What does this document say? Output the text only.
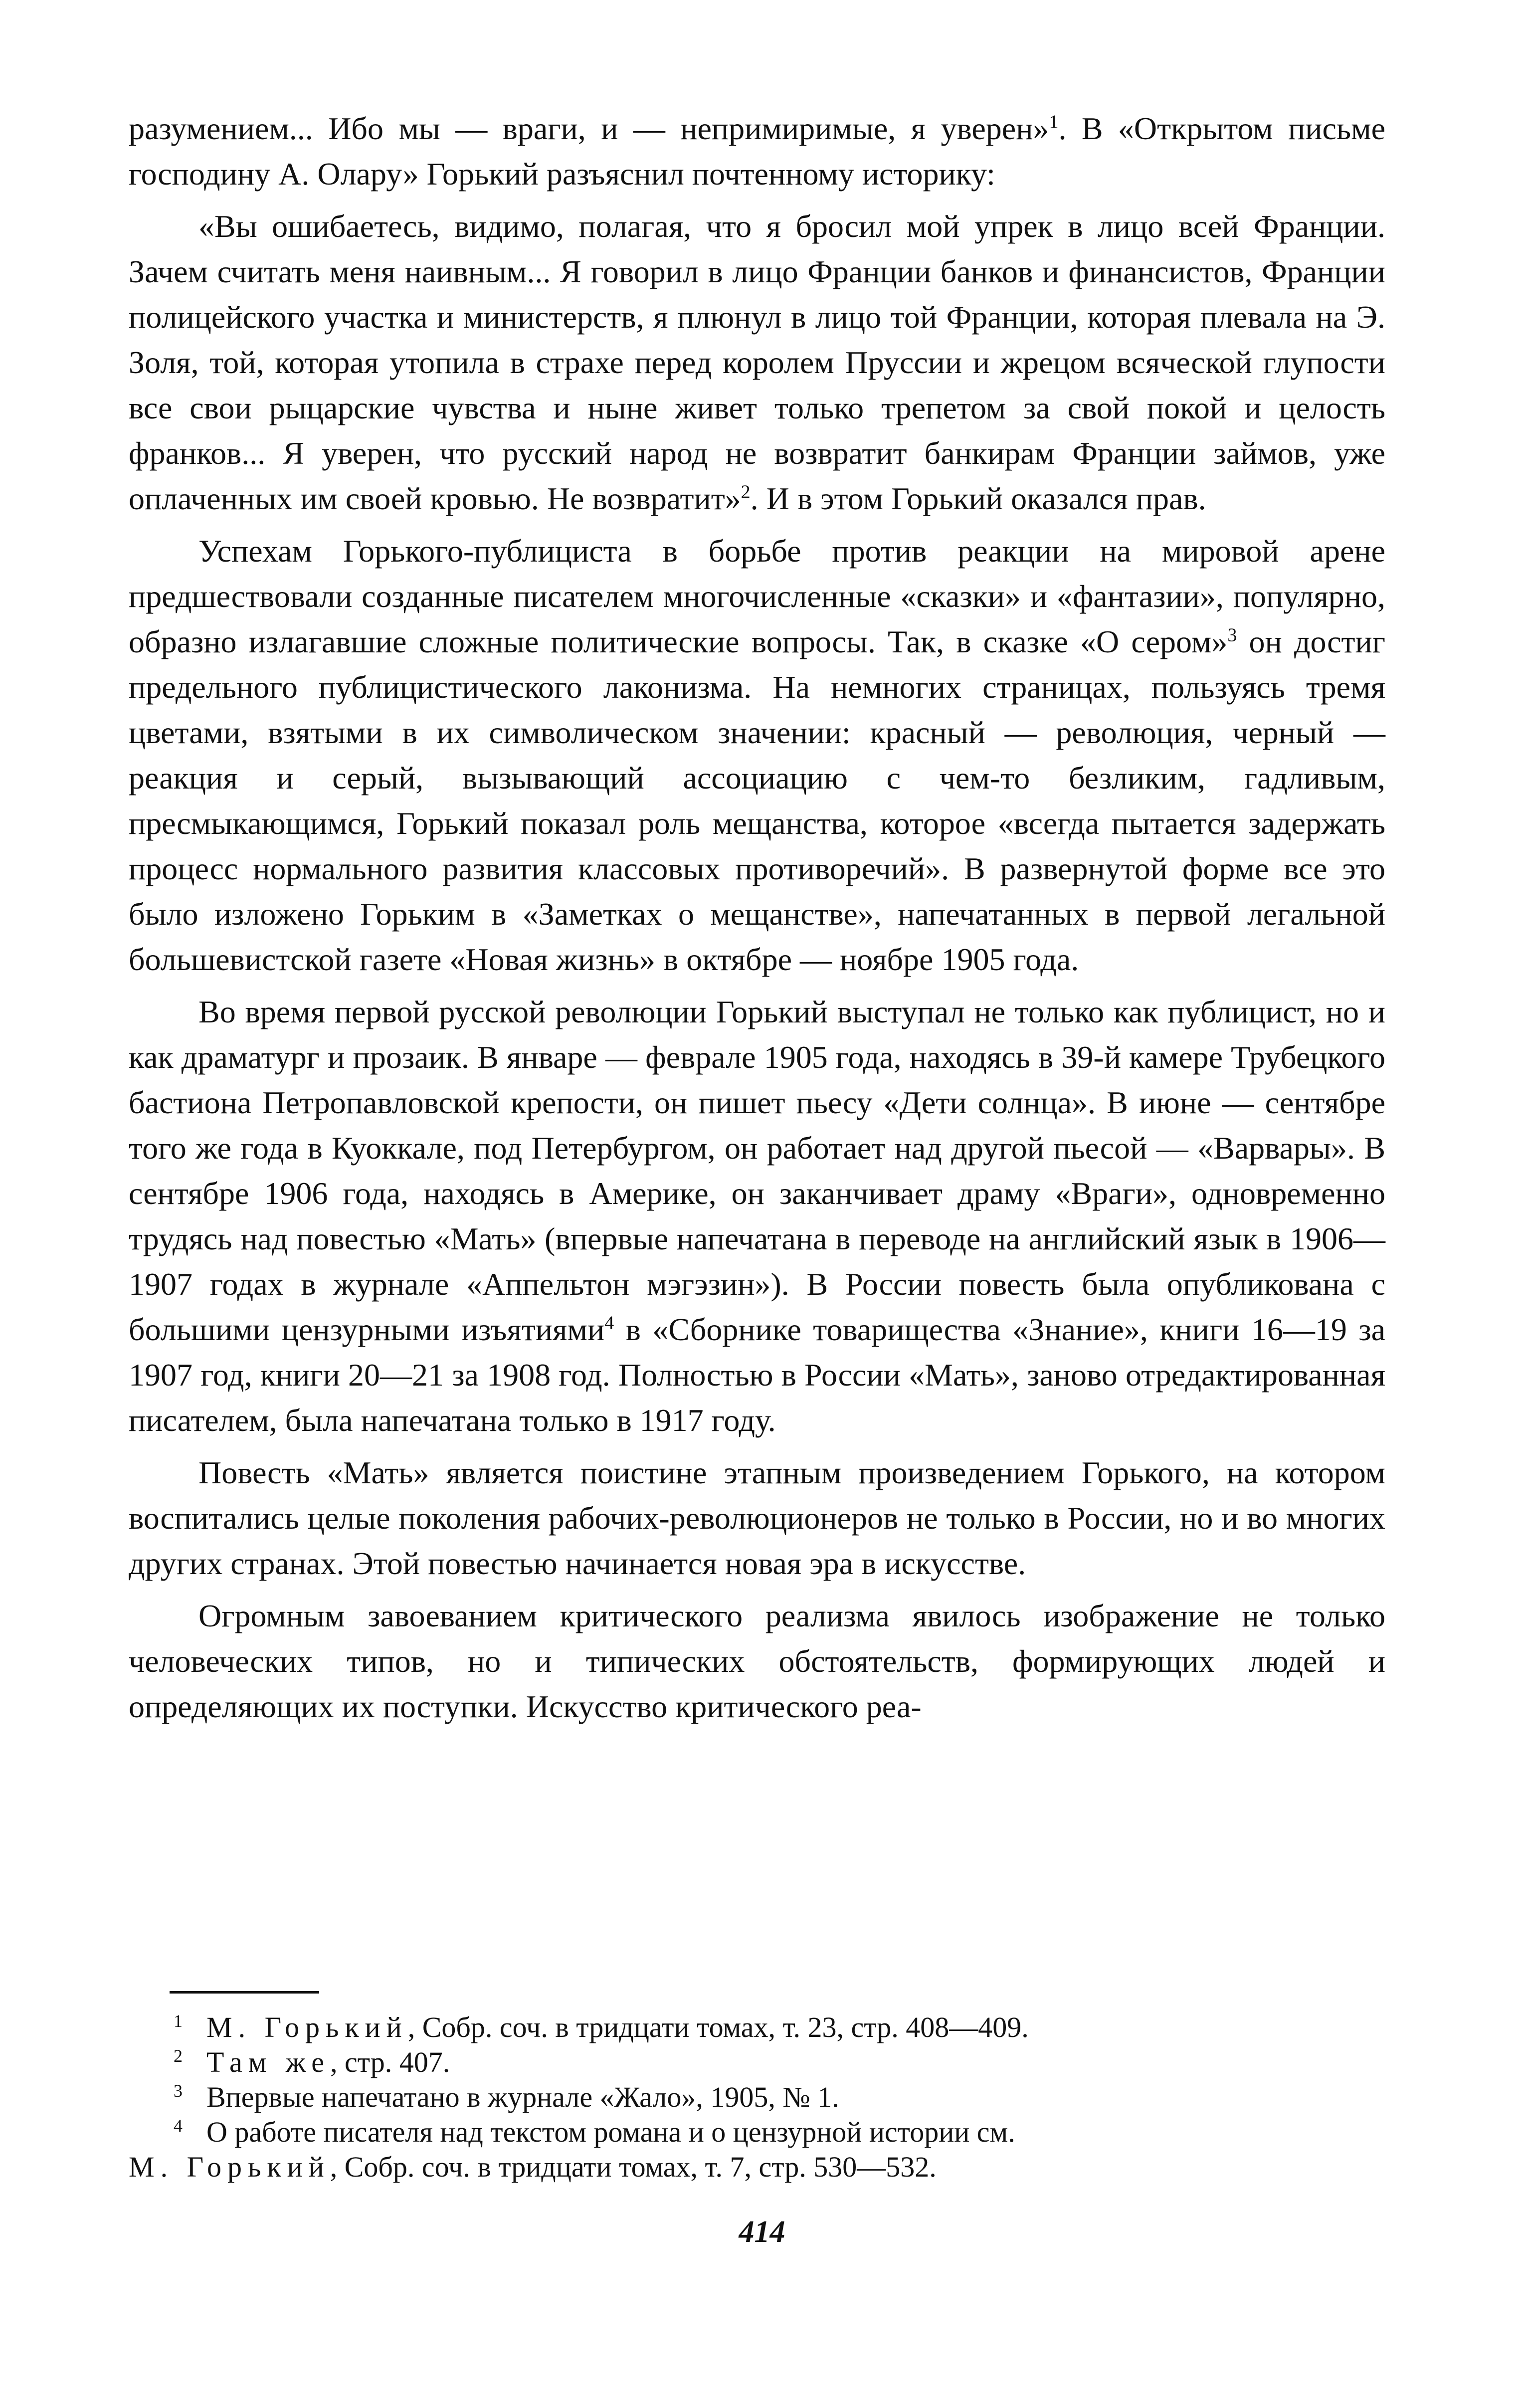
разумением... Ибо мы — враги, и — непримиримые, я уверен»$^1$. В «Открытом письме господину А. Олару» Горький разъяснил почтенному историку:

«Вы ошибаетесь, видимо, полагая, что я бросил мой упрек в лицо всей Франции. Зачем считать меня наивным... Я говорил в лицо Франции банков и финансистов, Франции полицейского участка и министерств, я плюнул в лицо той Франции, которая плевала на Э. Золя, той, которая утопила в страхе перед королем Пруссии и жрецом всяческой глупости все свои рыцарские чувства и ныне живет только трепетом за свой покой и целость франков... Я уверен, что русский народ не возвратит банкирам Франции займов, уже оплаченных им своей кровью. Не возвратит»$^2$. И в этом Горький оказался прав.

Успехам Горького-публициста в борьбе против реакции на мировой арене предшествовали созданные писателем многочисленные «сказки» и «фантазии», популярно, образно излагавшие сложные политические вопросы. Так, в сказке «О сером»$^3$ он достиг предельного публицистического лаконизма. На немногих страницах, пользуясь тремя цветами, взятыми в их символическом значении: красный — революция, черный — реакция и серый, вызывающий ассоциацию с чем-то безликим, гадливым, пресмыкающимся, Горький показал роль мещанства, которое «всегда пытается задержать процесс нормального развития классовых противоречий». В развернутой форме все это было изложено Горьким в «Заметках о мещанстве», напечатанных в первой легальной большевистской газете «Новая жизнь» в октябре — ноябре 1905 года.

Во время первой русской революции Горький выступал не только как публицист, но и как драматург и прозаик. В январе — феврале 1905 года, находясь в 39-й камере Трубецкого бастиона Петропавловской крепости, он пишет пьесу «Дети солнца». В июне — сентябре того же года в Куоккале, под Петербургом, он работает над другой пьесой — «Варвары». В сентябре 1906 года, находясь в Америке, он заканчивает драму «Враги», одновременно трудясь над повестью «Мать» (впервые напечатана в переводе на английский язык в 1906—1907 годах в журнале «Аппельтон мэгэзин»). В России повесть была опубликована с большими цензурными изъятиями$^4$ в «Сборнике товарищества «Знание», книги 16—19 за 1907 год, книги 20—21 за 1908 год. Полностью в России «Мать», заново отредактированная писателем, была напечатана только в 1917 году.

Повесть «Мать» является поистине этапным произведением Горького, на котором воспитались целые поколения рабочих-революционеров не только в России, но и во многих других странах. Этой повестью начинается новая эра в искусстве.

Огромным завоеванием критического реализма явилось изображение не только человеческих типов, но и типических обстоятельств, формирующих людей и определяющих их поступки. Искусство критического реа-

1 М. Горький, Собр. соч. в тридцати томах, т. 23, стр. 408—409.

2 Там же, стр. 407.

3 Впервые напечатано в журнале «Жало», 1905, № 1.

4 О работе писателя над текстом романа и о цензурной истории см.

М. Горький, Собр. соч. в тридцати томах, т. 7, стр. 530—532.

414
